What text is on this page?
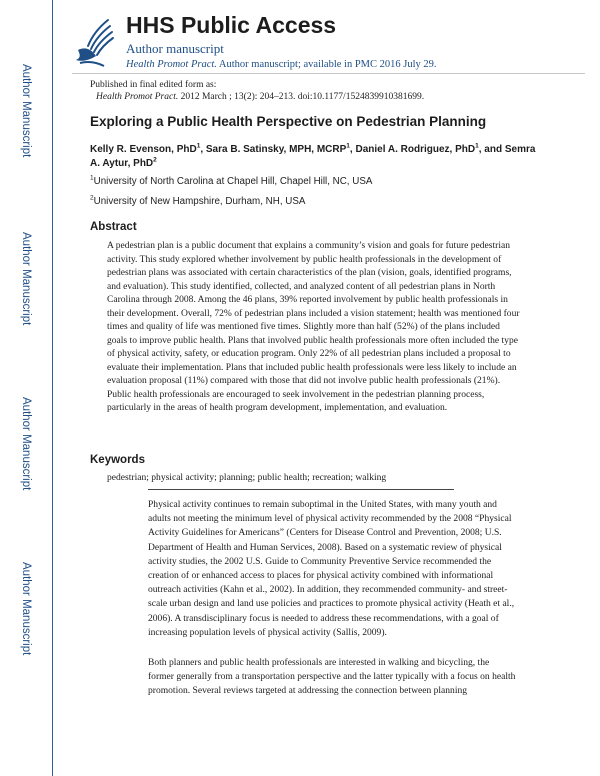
Author Manuscript
Author Manuscript
Author Manuscript
Author Manuscript
HHS Public Access
Author manuscript
Health Promot Pract. Author manuscript; available in PMC 2016 July 29.
Published in final edited form as:
Health Promot Pract. 2012 March ; 13(2): 204–213. doi:10.1177/1524839910381699.
Exploring a Public Health Perspective on Pedestrian Planning
Kelly R. Evenson, PhD$^1$, Sara B. Satinsky, MPH, MCRP$^1$, Daniel A. Rodriguez, PhD$^1$, and Semra A. Aytur, PhD$^2$
$^1$University of North Carolina at Chapel Hill, Chapel Hill, NC, USA
$^2$University of New Hampshire, Durham, NH, USA
Abstract

A pedestrian plan is a public document that explains a community’s vision and goals for future pedestrian activity. This study explored whether involvement by public health professionals in the development of pedestrian plans was associated with certain characteristics of the plan (vision, goals, identified programs, and evaluation). This study identified, collected, and analyzed content of all pedestrian plans in North Carolina through 2008. Among the 46 plans, 39% reported involvement by public health professionals in their development. Overall, 72% of pedestrian plans included a vision statement; health was mentioned four times and quality of life was mentioned five times. Slightly more than half (52%) of the plans included goals to improve public health. Plans that involved public health professionals more often included the type of physical activity, safety, or education program. Only 22% of all pedestrian plans included a proposal to evaluate their implementation. Plans that included public health professionals were less likely to include an evaluation proposal (11%) compared with those that did not involve public health professionals (21%). Public health professionals are encouraged to seek involvement in the pedestrian planning process, particularly in the areas of health program development, implementation, and evaluation.

Keywords
pedestrian; physical activity; planning; public health; recreation; walking

Physical activity continues to remain suboptimal in the United States, with many youth and adults not meeting the minimum level of physical activity recommended by the 2008 “Physical Activity Guidelines for Americans” (Centers for Disease Control and Prevention, 2008; U.S. Department of Health and Human Services, 2008). Based on a systematic review of physical activity studies, the 2002 U.S. Guide to Community Preventive Service recommended the creation of or enhanced access to places for physical activity combined with informational outreach activities (Kahn et al., 2002). In addition, they recommended community- and street-scale urban design and land use policies and practices to promote physical activity (Heath et al., 2006). A transdisciplinary focus is needed to address these recommendations, with a goal of increasing population levels of physical activity (Sallis, 2009).

Both planners and public health professionals are interested in walking and bicycling, the former generally from a transportation perspective and the latter typically with a focus on health promotion. Several reviews targeted at addressing the connection between planning
